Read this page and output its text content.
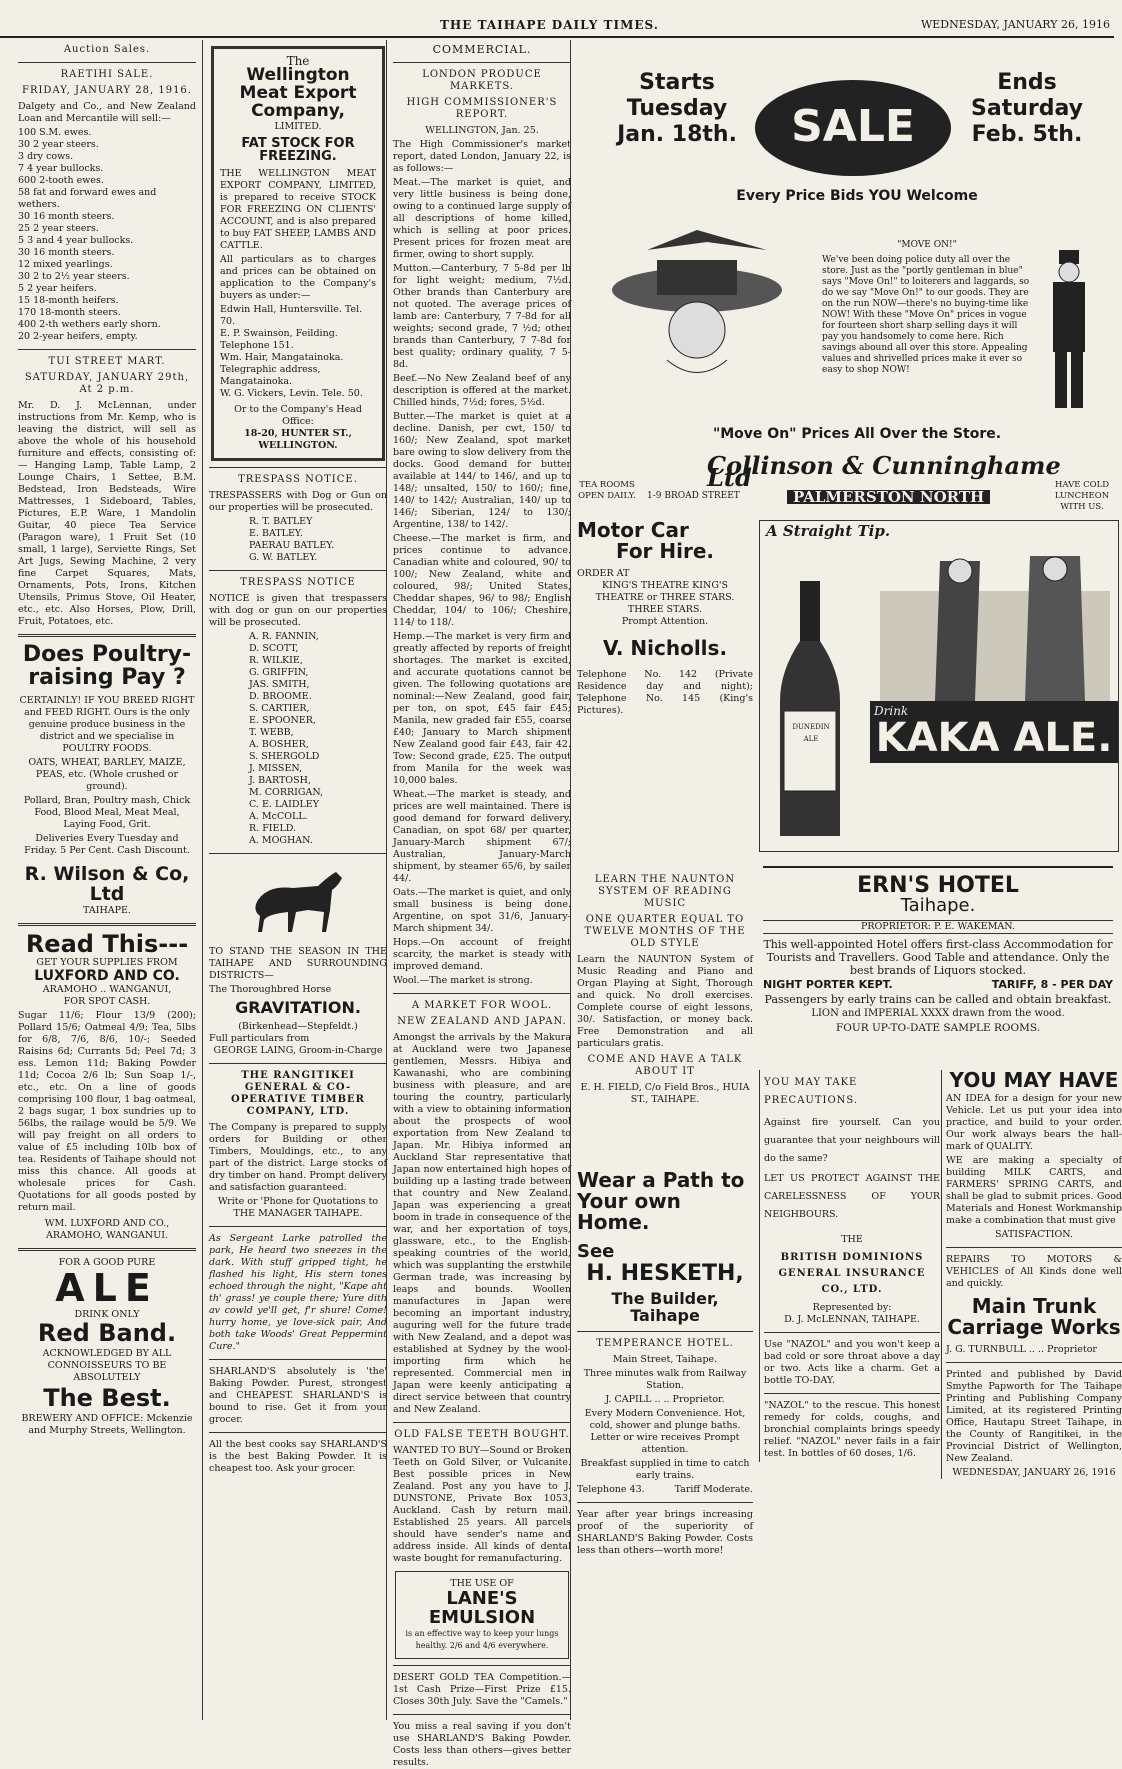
THE TAIHAPE DAILY TIMES.	WEDNESDAY, JANUARY 26, 1916
Auction Sales.
RAETIHI SALE.
FRIDAY, JANUARY 28, 1916.

Dalgety and Co., and New Zealand Loan and Mercantile will sell:—

100 S.M. ewes.
30 2 year steers.
3 dry cows.
7 4 year bullocks.
600 2-tooth ewes.
58 fat and forward ewes and wethers.
30 16 month steers.
25 2 year steers.
5 3 and 4 year bullocks.
30 16 month steers.
12 mixed yearlings.
30 2 to 2½ year steers.
5 2 year heifers.
15 18-month heifers.
170 18-month steers.
400 2-th wethers early shorn.
20 2-year heifers, empty.
TUI STREET MART.
SATURDAY, JANUARY 29th, At 2 p.m.

Mr. D. J. McLennan, under instructions from Mr. Kemp, who is leaving the district, will sell as above the whole of his household furniture and effects, consisting of:— Hanging Lamp, Table Lamp, 2 Lounge Chairs, 1 Settee, B.M. Bedstead, Iron Bedsteads, Wire Mattresses, 1 Sideboard, Tables, Pictures, E.P. Ware, 1 Mandolin Guitar, 40 piece Tea Service (Paragon ware), 1 Fruit Set (10 small, 1 large), Serviette Rings, Set Art Jugs, Sewing Machine, 2 very fine Carpet Squares, Mats, Ornaments, Pots, Irons, Kitchen Utensils, Primus Stove, Oil Heater, etc., etc. Also Horses, Plow, Drill, Fruit, Potatoes, etc.

Does Poultry-raising Pay ?

CERTAINLY! IF YOU BREED RIGHT and FEED RIGHT. Ours is the only genuine produce business in the district and we specialise in POULTRY FOODS.

OATS, WHEAT, BARLEY, MAIZE, PEAS, etc. (Whole crushed or ground).

Pollard, Bran, Poultry mash, Chick Food, Blood Meal, Meat Meal, Laying Food, Grit.

Deliveries Every Tuesday and Friday. 5 Per Cent. Cash Discount.

R. Wilson & Co, Ltd
TAIHAPE.
Read This---
GET YOUR SUPPLIES FROM
LUXFORD AND CO.
ARAMOHO .. WANGANUI,
FOR SPOT CASH.

Sugar 11/6; Flour 13/9 (200); Pollard 15/6; Oatmeal 4/9; Tea, 5lbs for 6/8, 7/6, 8/6, 10/-; Seeded Raisins 6d; Currants 5d; Peel 7d; 3 ess. Lemon 11d; Baking Powder 11d; Cocoa 2/6 lb; Sun Soap 1/-, etc., etc. On a line of goods comprising 100 flour, 1 bag oatmeal, 2 bags sugar, 1 box sundries up to 56lbs, the railage would be 5/9. We will pay freight on all orders to value of £5 including 10lb box of tea. Residents of Taihape should not miss this chance. All goods at wholesale prices for Cash. Quotations for all goods posted by return mail.

WM. LUXFORD AND CO., ARAMOHO, WANGANUI.
FOR A GOOD PURE
ALE
DRINK ONLY
Red Band.

ACKNOWLEDGED BY ALL CONNOISSEURS TO BE ABSOLUTELY

The Best.

BREWERY AND OFFICE: Mckenzie and Murphy Streets, Wellington.

The
Wellington Meat Export Company,
LIMITED.
FAT STOCK FOR FREEZING.

THE WELLINGTON MEAT EXPORT COMPANY, LIMITED, is prepared to receive STOCK FOR FREEZING ON CLIENTS' ACCOUNT, and is also prepared to buy FAT SHEEP, LAMBS AND CATTLE.

All particulars as to charges and prices can be obtained on application to the Company's buyers as under:—

Edwin Hall, Huntersville. Tel. 70.
E. P. Swainson, Feilding. Telephone 151.
Wm. Hair, Mangatainoka. Telegraphic address, Mangatainoka.
W. G. Vickers, Levin. Tele. 50.
Or to the Company's Head Office:
18-20, HUNTER ST., WELLINGTON.
TRESPASS NOTICE.

TRESPASSERS with Dog or Gun on our properties will be prosecuted.

R. T. BATLEY
E. BATLEY.
PAERAU BATLEY.
G. W. BATLEY.
TRESPASS NOTICE

NOTICE is given that trespassers with dog or gun on our properties will be prosecuted.

A. R. FANNIN,
D. SCOTT,
R. WILKIE,
G. GRIFFIN,
JAS. SMITH,
D. BROOME.
S. CARTIER,
E. SPOONER,
T. WEBB,
A. BOSHER,
S. SHERGOLD
J. MISSEN,
J. BARTOSH,
M. CORRIGAN,
C. E. LAIDLEY
A. McCOLL.
R. FIELD.
A. MOGHAN.

TO STAND THE SEASON IN THE TAIHAPE AND SURROUNDING DISTRICTS—

The Thoroughbred Horse
GRAVITATION.
(Birkenhead—Stepfeldt.)
Full particulars from
GEORGE LAING, Groom-in-Charge
THE RANGITIKEI GENERAL & CO-OPERATIVE TIMBER COMPANY, LTD.

The Company is prepared to supply orders for Building or other Timbers, Mouldings, etc., to any part of the district. Large stocks of dry timber on hand. Prompt delivery and satisfaction guaranteed.

Write or 'Phone for Quotations to
THE MANAGER TAIHAPE.

As Sergeant Larke patrolled the park, He heard two sneezes in the dark. With stuff gripped tight, he flashed his light, His stern tones echoed through the night, "Kape aht th' grass! ye couple there; Yure dith av cowld ye'll get, f'r shure! Come! hurry home, ye love-sick pair, And both take Woods' Great Peppermint Cure."

SHARLAND'S absolutely is 'the' Baking Powder. Purest, strongest and CHEAPEST. SHARLAND'S is bound to rise. Get it from your grocer.

All the best cooks say SHARLAND'S is the best Baking Powder. It is cheapest too. Ask your grocer.

COMMERCIAL.
LONDON PRODUCE MARKETS.
HIGH COMMISSIONER'S REPORT.
WELLINGTON, Jan. 25.

The High Commissioner's market report, dated London, January 22, is as follows:—

Meat.—The market is quiet, and very little business is being done, owing to a continued large supply of all descriptions of home killed, which is selling at poor prices. Present prices for frozen meat are firmer, owing to short supply.

Mutton.—Canterbury, 7 5-8d per lb for light weight; medium, 7½d. Other brands than Canterbury are not quoted. The average prices of lamb are: Canterbury, 7 7-8d for all weights; second grade, 7 ½d; other brands than Canterbury, 7 7-8d for best quality; ordinary quality, 7 5-8d.

Beef.—No New Zealand beef of any description is offered at the market. Chilled hinds, 7½d; fores, 5½d.

Butter.—The market is quiet at a decline. Danish, per cwt, 150/ to 160/; New Zealand, spot market bare owing to slow delivery from the docks. Good demand for butter available at 144/ to 146/, and up to 148/; unsalted, 150/ to 160/; fine, 140/ to 142/; Australian, 140/ up to 146/; Siberian, 124/ to 130/; Argentine, 138/ to 142/.

Cheese.—The market is firm, and prices continue to advance. Canadian white and coloured, 90/ to 100/; New Zealand, white and coloured, 98/; United States, Cheddar shapes, 96/ to 98/; English Cheddar, 104/ to 106/; Cheshire, 114/ to 118/.

Hemp.—The market is very firm and greatly affected by reports of freight shortages. The market is excited, and accurate quotations cannot be given. The following quotations are nominal:—New Zealand, good fair, per ton, on spot, £45 fair £45; Manila, new graded fair £55, coarse £40; January to March shipment New Zealand good fair £43, fair 42. Tow: Second grade, £25. The output from Manila for the week was 10,000 bales.

Wheat.—The market is steady, and prices are well maintained. There is good demand for forward delivery. Canadian, on spot 68/ per quarter, January-March shipment 67/; Australian, January-March shipment, by steamer 65/6, by sailer 44/.

Oats.—The market is quiet, and only small business is being done. Argentine, on spot 31/6, January-March shipment 34/.

Hops.—On account of freight scarcity, the market is steady with improved demand.

Wool.—The market is strong.

A MARKET FOR WOOL.
NEW ZEALAND AND JAPAN.

Amongst the arrivals by the Makura at Auckland were two Japanese gentlemen, Messrs. Hibiya and Kawanashi, who are combining business with pleasure, and are touring the country, particularly with a view to obtaining information about the prospects of wool exportation from New Zealand to Japan. Mr. Hibiya informed an Auckland Star representative that Japan now entertained high hopes of building up a lasting trade between that country and New Zealand. Japan was experiencing a great boom in trade in consequence of the war, and her exportation of toys, glassware, etc., to the English-speaking countries of the world, which was supplanting the erstwhile German trade, was increasing by leaps and bounds. Woollen manufactures in Japan were becoming an important industry, auguring well for the future trade with New Zealand, and a depot was established at Sydney by the wool-importing firm which he represented. Commercial men in Japan were keenly anticipating a direct service between that country and New Zealand.

OLD FALSE TEETH BOUGHT.

WANTED TO BUY—Sound or Broken Teeth on Gold Silver, or Vulcanite. Best possible prices in New Zealand. Post any you have to J. DUNSTONE, Private Box 1053, Auckland. Cash by return mail. Established 25 years. All parcels should have sender's name and address inside. All kinds of dental waste bought for remanufacturing.

THE USE OF
LANE'S EMULSION
is an effective way to keep your lungs healthy. 2/6 and 4/6 everywhere.

DESERT GOLD TEA Competition.—1st Cash Prize—First Prize £15. Closes 30th July. Save the "Camels."

You miss a real saving if you don't use SHARLAND'S Baking Powder. Costs less than others—gives better results.

Starts Tuesday Jan. 18th.	SALE
Ends Saturday Feb. 5th.
Every Price Bids YOU Welcome
"MOVE ON!"
We've been doing police duty all over the store. Just as the "portly gentleman in blue" says "Move On!" to loiterers and laggards, so do we say "Move On!" to our goods. They are on the run NOW—there's no buying-time like NOW! With these "Move On" prices in vogue for fourteen short sharp selling days it will pay you handsomely to come here. Rich savings abound all over this store. Appealing values and shrivelled prices make it ever so easy to shop NOW!
"Move On" Prices All Over the Store.
TEA ROOMS OPEN DAILY.
Collinson & Cunninghame Ltd
1-9 BROAD STREET	PALMERSTON NORTH
HAVE COLD LUNCHEON WITH US.
Motor Car
For Hire.
ORDER AT
KING'S THEATRE KING'S THEATRE or THREE STARS. THREE STARS.
Prompt Attention.
V. Nicholls.

Telephone No. 142 (Private Residence day and night); Telephone No. 145 (King's Pictures).

A Straight Tip.
DUNEDIN ALE
Drink
KAKA ALE.
ERN'S HOTEL
Taihape.
PROPRIETOR: P. E. WAKEMAN.

This well-appointed Hotel offers first-class Accommodation for Tourists and Travellers. Good Table and attendance. Only the best brands of Liquors stocked.

NIGHT PORTER KEPT.	TARIFF, 8 - PER DAY

Passengers by early trains can be called and obtain breakfast.

LION and IMPERIAL XXXX drawn from the wood.

FOUR UP-TO-DATE SAMPLE ROOMS.

LEARN THE NAUNTON SYSTEM OF READING MUSIC
ONE QUARTER EQUAL TO TWELVE MONTHS OF THE OLD STYLE

Learn the NAUNTON System of Music Reading and Piano and Organ Playing at Sight, Thorough and quick. No droll exercises. Complete course of eight lessons, 30/. Satisfaction, or money back. Free Demonstration and all particulars gratis.

COME AND HAVE A TALK ABOUT IT
E. H. FIELD, C/o Field Bros., HUIA ST., TAIHAPE.
Wear a Path to Your own Home.
See
H. HESKETH,
The Builder, Taihape
TEMPERANCE HOTEL.
Main Street, Taihape.

Three minutes walk from Railway Station.

J. CAPILL .. .. Proprietor.

Every Modern Convenience. Hot, cold, shower and plunge baths. Letter or wire receives Prompt attention.

Breakfast supplied in time to catch early trains.

Telephone 43.	Tariff Moderate.

Year after year brings increasing proof of the superiority of SHARLAND'S Baking Powder. Costs less than others—worth more!

YOU MAY TAKE PRECAUTIONS.

Against fire yourself. Can you guarantee that your neighbours will do the same?

LET US PROTECT AGAINST THE CARELESSNESS OF YOUR NEIGHBOURS.

THE
BRITISH DOMINIONS GENERAL INSURANCE CO., LTD.
Represented by:
D. J. McLENNAN, TAIHAPE.

Use "NAZOL" and you won't keep a bad cold or sore throat above a day or two. Acts like a charm. Get a bottle TO-DAY.

"NAZOL" to the rescue. This honest remedy for colds, coughs, and bronchial complaints brings speedy relief. "NAZOL" never fails in a fair test. In bottles of 60 doses, 1/6.

YOU MAY HAVE

AN IDEA for a design for your new Vehicle. Let us put your idea into practice, and build to your order. Our work always bears the hall-mark of QUALITY.

WE are making a specialty of building MILK CARTS, and FARMERS' SPRING CARTS, and shall be glad to submit prices. Good Materials and Honest Workmanship make a combination that must give

SATISFACTION.

REPAIRS TO MOTORS & VEHICLES of All Kinds done well and quickly.

Main Trunk Carriage Works
J. G. TURNBULL .. .. Proprietor

Printed and published by David Smythe Papworth for The Taihape Printing and Publishing Company Limited, at its registered Printing Office, Hautapu Street Taihape, in the County of Rangitikei, in the Provincial District of Wellington, New Zealand.

WEDNESDAY, JANUARY 26, 1916
